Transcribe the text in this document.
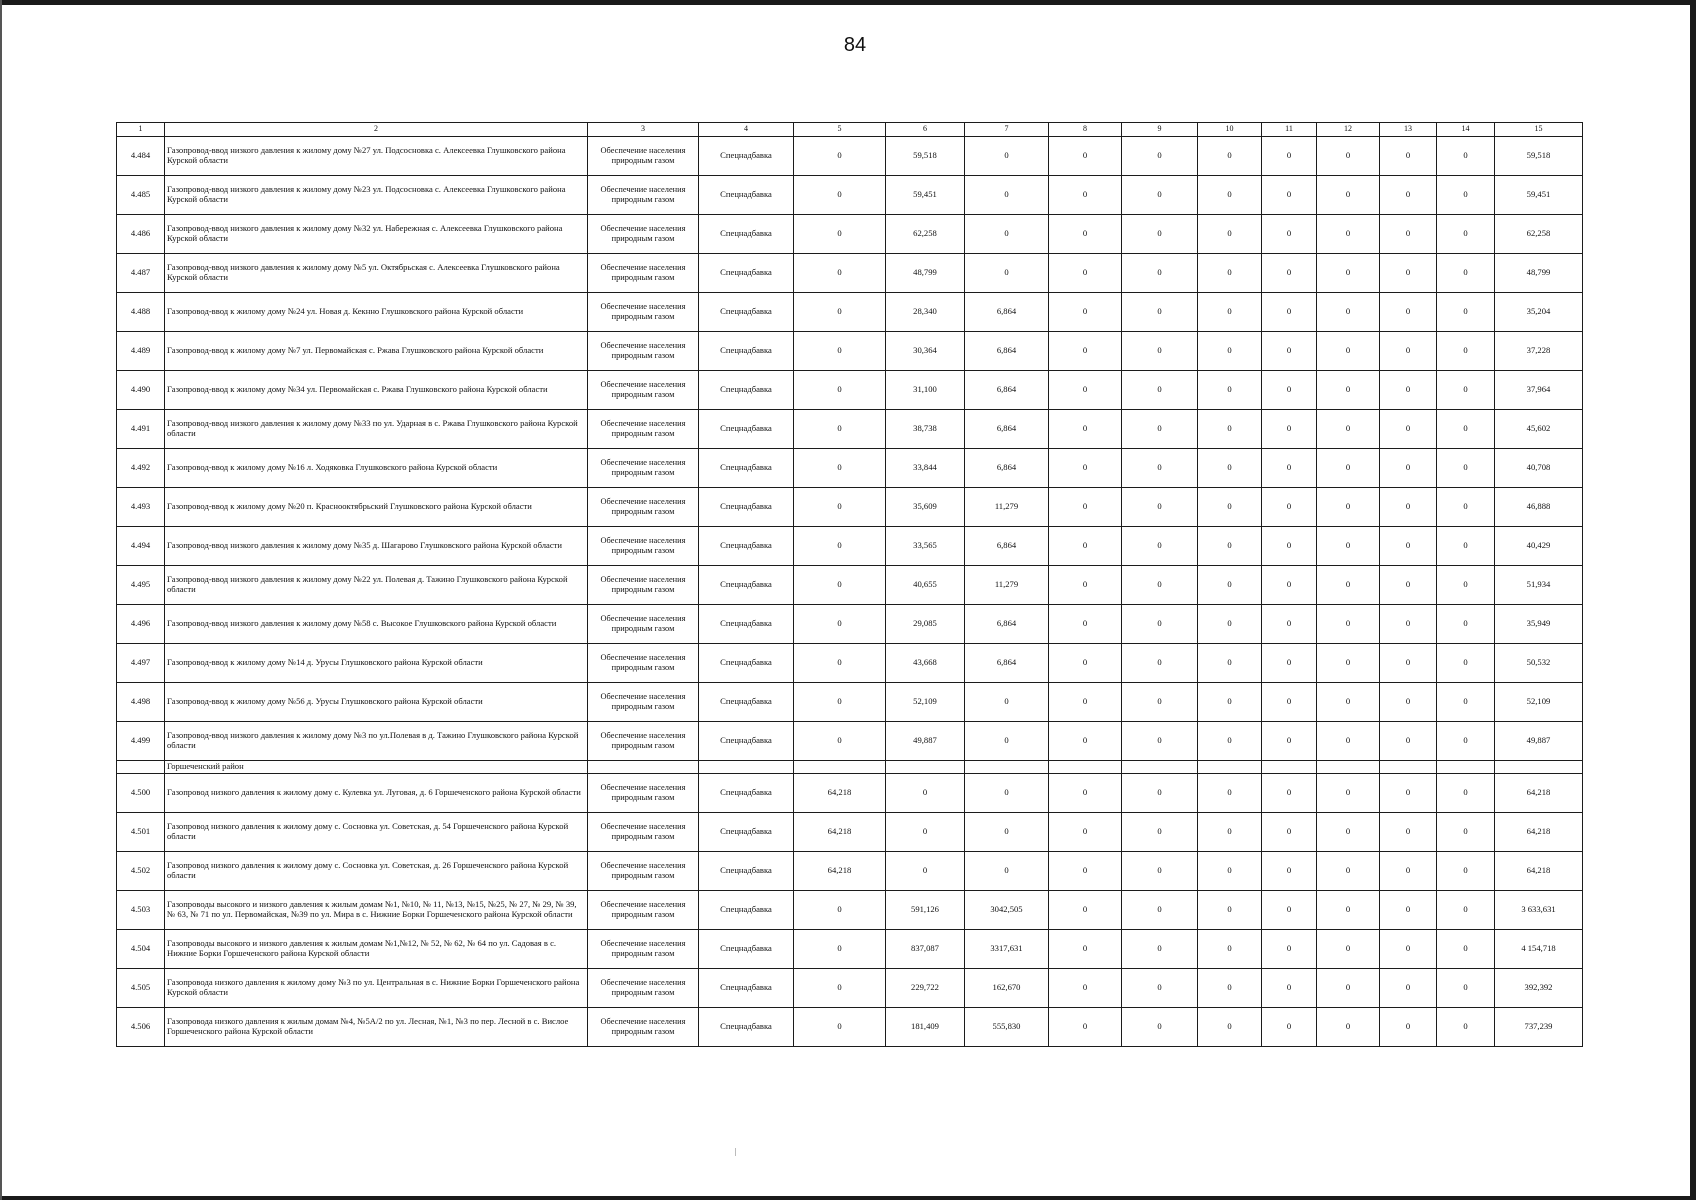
84
1	2	3	4	5	6	7	8	9	10	11	12	13	14	15
4.484	Газопровод-ввод низкого давления к жилому дому №27 ул. Подсосновка с. Алексеевка Глушковского района Курской области	Обеспечение населения природным газом	Спецнадбавка	0	59,518	0	0	0	0	0	0	0	0	59,518
4.485	Газопровод-ввод низкого давления к жилому дому №23 ул. Подсосновка с. Алексеевка Глушковского района Курской области	Обеспечение населения природным газом	Спецнадбавка	0	59,451	0	0	0	0	0	0	0	0	59,451
4.486	Газопровод-ввод низкого давления к жилому дому №32 ул. Набережная с. Алексеевка Глушковского района Курской области	Обеспечение населения природным газом	Спецнадбавка	0	62,258	0	0	0	0	0	0	0	0	62,258
4.487	Газопровод-ввод низкого давления к жилому дому №5 ул. Октябрьская с. Алексеевка Глушковского района Курской области	Обеспечение населения природным газом	Спецнадбавка	0	48,799	0	0	0	0	0	0	0	0	48,799
4.488	Газопровод-ввод к жилому дому №24 ул. Новая д. Кекнно Глушковского района Курской области	Обеспечение населения природным газом	Спецнадбавка	0	28,340	6,864	0	0	0	0	0	0	0	35,204
4.489	Газопровод-ввод к жилому дому №7 ул. Первомайская с. Ржава Глушковского района Курской области	Обеспечение населения природным газом	Спецнадбавка	0	30,364	6,864	0	0	0	0	0	0	0	37,228
4.490	Газопровод-ввод к жилому дому №34 ул. Первомайская с. Ржава Глушковского района Курской области	Обеспечение населения природным газом	Спецнадбавка	0	31,100	6,864	0	0	0	0	0	0	0	37,964
4.491	Газопровод-ввод низкого давления к жилому дому №33 по ул. Ударная в с. Ржава Глушковского района Курской области	Обеспечение населения природным газом	Спецнадбавка	0	38,738	6,864	0	0	0	0	0	0	0	45,602
4.492	Газопровод-ввод к жилому дому №16 л. Ходяковка Глушковского района Курской области	Обеспечение населения природным газом	Спецнадбавка	0	33,844	6,864	0	0	0	0	0	0	0	40,708
4.493	Газопровод-ввод к жилому дому №20 п. Краснооктябрьский Глушковского района Курской области	Обеспечение населения природным газом	Спецнадбавка	0	35,609	11,279	0	0	0	0	0	0	0	46,888
4.494	Газопровод-ввод низкого давления к жилому дому №35 д. Шагарово Глушковского района Курской области	Обеспечение населения природным газом	Спецнадбавка	0	33,565	6,864	0	0	0	0	0	0	0	40,429
4.495	Газопровод-ввод низкого давления к жилому дому №22 ул. Полевая д. Тажино Глушковского района Курской области	Обеспечение населения природным газом	Спецнадбавка	0	40,655	11,279	0	0	0	0	0	0	0	51,934
4.496	Газопровод-ввод низкого давления к жилому дому №58 с. Высокое Глушковского района Курской области	Обеспечение населения природным газом	Спецнадбавка	0	29,085	6,864	0	0	0	0	0	0	0	35,949
4.497	Газопровод-ввод к жилому дому №14 д. Урусы Глушковского района Курской области	Обеспечение населения природным газом	Спецнадбавка	0	43,668	6,864	0	0	0	0	0	0	0	50,532
4.498	Газопровод-ввод к жилому дому №56 д. Урусы Глушковского района Курской области	Обеспечение населения природным газом	Спецнадбавка	0	52,109	0	0	0	0	0	0	0	0	52,109
4.499	Газопровод-ввод низкого давления к жилому дому №3 по ул.Полевая в д. Тажино Глушковского района Курской области	Обеспечение населения природным газом	Спецнадбавка	0	49,887	0	0	0	0	0	0	0	0	49,887
	Горшеченский район													
4.500	Газопровод низкого давления к жилому дому с. Кулевка ул. Луговая, д. 6 Горшеченского района Курской области	Обеспечение населения природным газом	Спецнадбавка	64,218	0	0	0	0	0	0	0	0	0	64,218
4.501	Газопровод низкого давления к жилому дому с. Сосновка ул. Советская, д. 54 Горшеченского района Курской области	Обеспечение населения природным газом	Спецнадбавка	64,218	0	0	0	0	0	0	0	0	0	64,218
4.502	Газопровод низкого давления к жилому дому с. Сосновка ул. Советская, д. 26 Горшеченского района Курской области	Обеспечение населения природным газом	Спецнадбавка	64,218	0	0	0	0	0	0	0	0	0	64,218
4.503	Газопроводы высокого и низкого давления к жилым домам №1, №10, № 11, №13, №15, №25, № 27, № 29, № 39, № 63, № 71 по ул. Первомайская, №39 по ул. Мира в с. Нижние Борки Горшеченского района Курской области	Обеспечение населения природным газом	Спецнадбавка	0	591,126	3042,505	0	0	0	0	0	0	0	3 633,631
4.504	Газопроводы высокого и низкого давления к жилым домам №1,№12, № 52, № 62, № 64 по ул. Садовая в с. Нижние Борки Горшеченского района Курской области	Обеспечение населения природным газом	Спецнадбавка	0	837,087	3317,631	0	0	0	0	0	0	0	4 154,718
4.505	Газопровода низкого давления к жилому дому №3 по ул. Центральная в с. Нижние Борки Горшеченского района Курской области	Обеспечение населения природным газом	Спецнадбавка	0	229,722	162,670	0	0	0	0	0	0	0	392,392
4.506	Газопровода низкого давления к жилым домам №4, №5А/2 по ул. Лесная, №1, №3 по пер. Лесной в с. Вислое Горшеченского района Курской области	Обеспечение населения природным газом	Спецнадбавка	0	181,409	555,830	0	0	0	0	0	0	0	737,239
